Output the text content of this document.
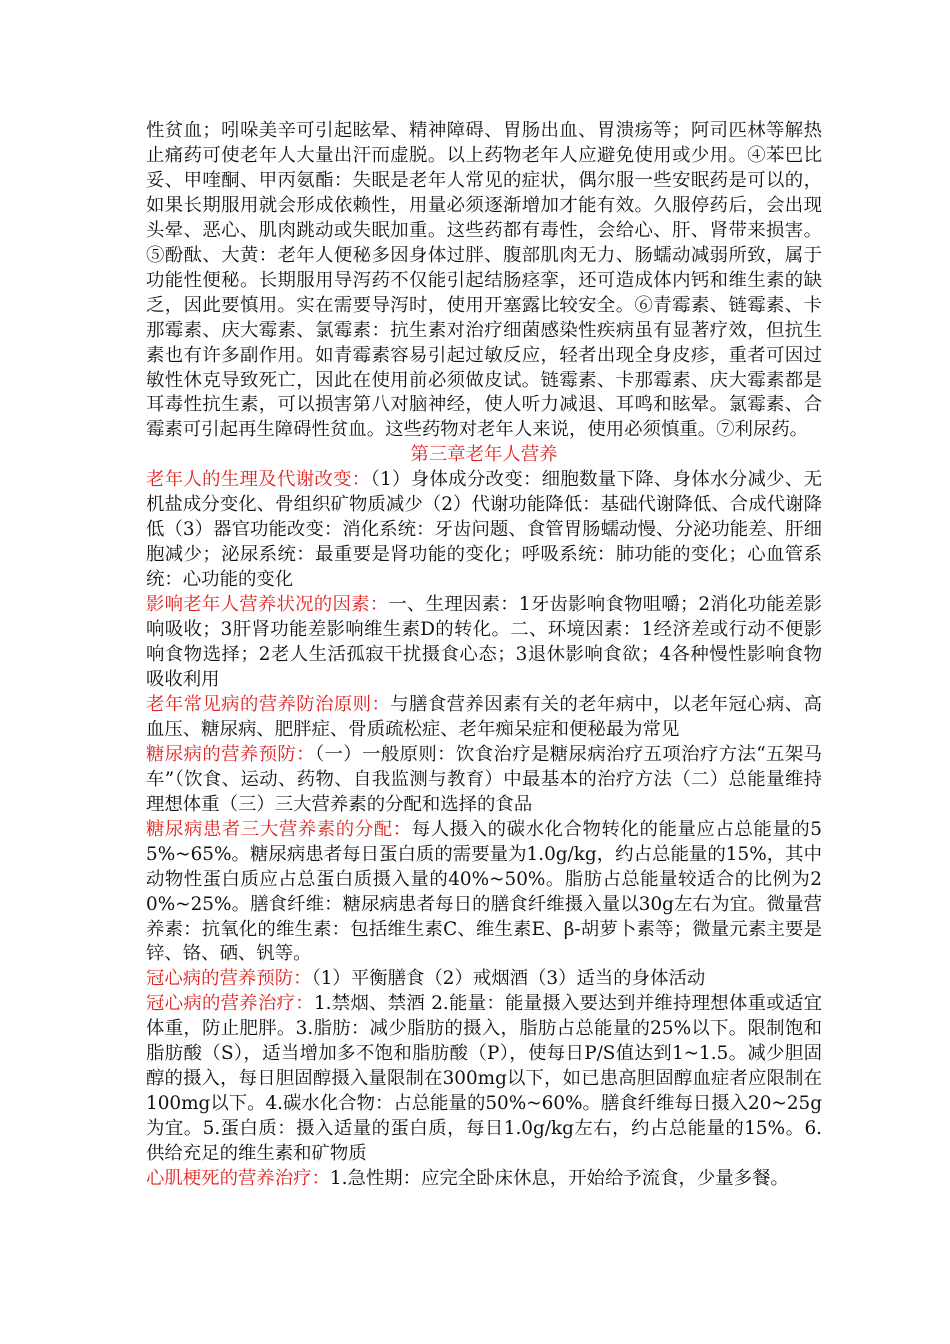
性贫血；吲哚美辛可引起眩晕、精神障碍、胃肠出血、胃溃疡等；阿司匹林等解热止痛药可使老年人大量出汗而虚脱。以上药物老年人应避免使用或少用。④苯巴比妥、甲喹酮、甲丙氨酯：失眠是老年人常见的症状，偶尔服一些安眠药是可以的，如果长期服用就会形成依赖性，用量必须逐渐增加才能有效。久服停药后，会出现头晕、恶心、肌肉跳动或失眠加重。这些药都有毒性，会给心、肝、肾带来损害。⑤酚酞、大黄：老年人便秘多因身体过胖、腹部肌肉无力、肠蠕动减弱所致，属于功能性便秘。长期服用导泻药不仅能引起结肠痉挛，还可造成体内钙和维生素的缺乏，因此要慎用。实在需要导泻时，使用开塞露比较安全。⑥青霉素、链霉素、卡那霉素、庆大霉素、氯霉素：抗生素对治疗细菌感染性疾病虽有显著疗效，但抗生素也有许多副作用。如青霉素容易引起过敏反应，轻者出现全身皮疹，重者可因过敏性休克导致死亡，因此在使用前必须做皮试。链霉素、卡那霉素、庆大霉素都是耳毒性抗生素，可以损害第八对脑神经，使人听力减退、耳鸣和眩晕。氯霉素、合霉素可引起再生障碍性贫血。这些药物对老年人来说，使用必须慎重。⑦利尿药。

第三章老年人营养

老年人的生理及代谢改变：（1）身体成分改变：细胞数量下降、身体水分减少、无机盐成分变化、骨组织矿物质减少（2）代谢功能降低：基础代谢降低、合成代谢降低（3）器官功能改变：消化系统：牙齿问题、食管胃肠蠕动慢、分泌功能差、肝细胞减少；泌尿系统：最重要是肾功能的变化；呼吸系统：肺功能的变化；心血管系统：心功能的变化

影响老年人营养状况的因素：一、生理因素：1牙齿影响食物咀嚼；2消化功能差影响吸收；3肝肾功能差影响维生素D的转化。二、环境因素：1经济差或行动不便影响食物选择；2老人生活孤寂干扰摄食心态；3退休影响食欲；4各种慢性影响食物吸收利用

老年常见病的营养防治原则：与膳食营养因素有关的老年病中，以老年冠心病、高血压、糖尿病、肥胖症、骨质疏松症、老年痴呆症和便秘最为常见

糖尿病的营养预防：（一）一般原则：饮食治疗是糖尿病治疗五项治疗方法“五架马车”（饮食、运动、药物、自我监测与教育）中最基本的治疗方法（二）总能量维持理想体重（三）三大营养素的分配和选择的食品

糖尿病患者三大营养素的分配：每人摄入的碳水化合物转化的能量应占总能量的55%~65%。糖尿病患者每日蛋白质的需要量为1.0g/kg，约占总能量的15%，其中动物性蛋白质应占总蛋白质摄入量的40%~50%。脂肪占总能量较适合的比例为20%~25%。膳食纤维：糖尿病患者每日的膳食纤维摄入量以30g左右为宜。微量营养素：抗氧化的维生素：包括维生素C、维生素E、β-胡萝卜素等；微量元素主要是锌、铬、硒、钒等。

冠心病的营养预防：（1）平衡膳食（2）戒烟酒（3）适当的身体活动

冠心病的营养治疗：1.禁烟、禁酒 2.能量：能量摄入要达到并维持理想体重或适宜体重，防止肥胖。3.脂肪：减少脂肪的摄入，脂肪占总能量的25%以下。限制饱和脂肪酸（S），适当增加多不饱和脂肪酸（P），使每日P/S值达到1~1.5。减少胆固醇的摄入，每日胆固醇摄入量限制在300mg以下，如已患高胆固醇血症者应限制在100mg以下。4.碳水化合物：占总能量的50%~60%。膳食纤维每日摄入20~25g为宜。5.蛋白质：摄入适量的蛋白质，每日1.0g/kg左右，约占总能量的15%。6.供给充足的维生素和矿物质

心肌梗死的营养治疗：1.急性期：应完全卧床休息，开始给予流食，少量多餐。
